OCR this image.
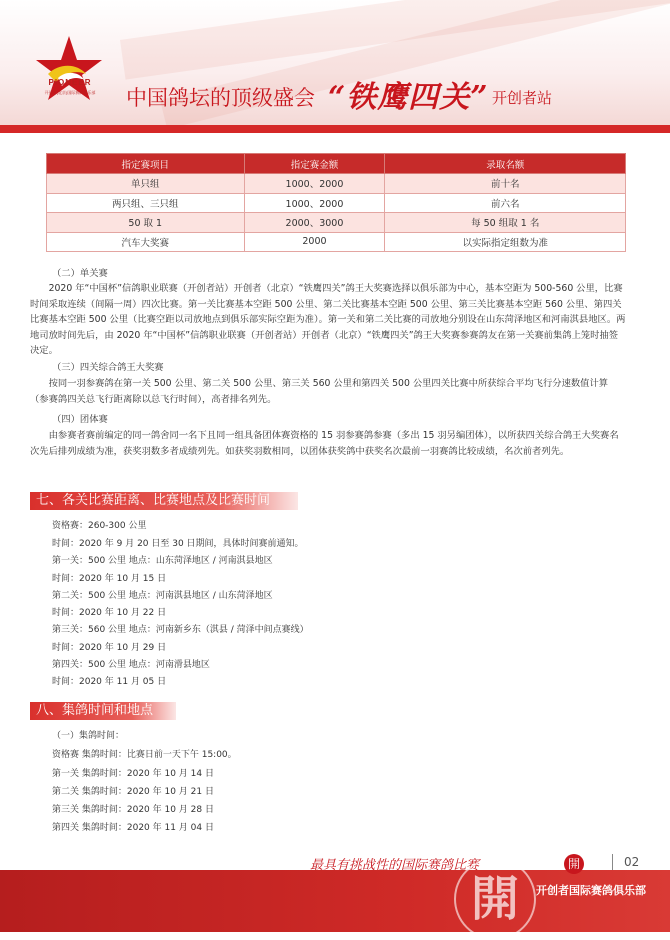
PIONEER
开创者(北京)国际赛鸽俱乐部	中国鸽坛的顶级盛会 “铁鹰四关” 开创者站
指定赛项目	指定赛金额	录取名额
单只组	1000、2000	前十名
两只组、三只组	1000、2000	前六名
50 取 1	2000、3000	每 50 组取 1 名
汽车大奖赛	2000	以实际指定组数为准
（二）单关赛
2020 年“中国杯”信鸽职业联赛（开创者站）开创者（北京）“铁鹰四关”鸽王大奖赛选择以俱乐部为中心，基本空距为 500-560 公里，比赛时间采取连续（间隔一周）四次比赛。第一关比赛基本空距 500 公里、第二关比赛基本空距 500 公里、第三关比赛基本空距 560 公里、第四关比赛基本空距 500 公里（比赛空距以司放地点到俱乐部实际空距为准）。第一关和第二关比赛的司放地分别设在山东菏泽地区和河南淇县地区。两地司放时间先后，由 2020 年“中国杯”信鸽职业联赛（开创者站）开创者（北京）“铁鹰四关”鸽王大奖赛参赛鸽友在第一关赛前集鸽上笼时抽签决定。
（三）四关综合鸽王大奖赛
按同一羽参赛鸽在第一关 500 公里、第二关 500 公里、第三关 560 公里和第四关 500 公里四关比赛中所获综合平均飞行分速数值计算（参赛鸽四关总飞行距离除以总飞行时间），高者排名列先。
（四）团体赛
由参赛者赛前编定的同一鸽舍同一名下且同一组具备团体赛资格的 15 羽参赛鸽参赛（多出 15 羽另编团体），以所获四关综合鸽王大奖赛名次先后排列成绩为准，获奖羽数多者成绩列先。如获奖羽数相同，以团体获奖鸽中获奖名次最前一羽赛鸽比较成绩，名次前者列先。
七、各关比赛距离、比赛地点及比赛时间
资格赛：260-300 公里
时间：2020 年 9 月 20 日至 30 日期间，具体时间赛前通知。
第一关：500 公里 地点：山东菏泽地区 / 河南淇县地区
时间：2020 年 10 月 15 日
第二关：500 公里 地点：河南淇县地区 / 山东菏泽地区
时间：2020 年 10 月 22 日
第三关：560 公里 地点：河南新乡东（淇县 / 菏泽中间点赛线）
时间：2020 年 10 月 29 日
第四关：500 公里 地点：河南滑县地区
时间：2020 年 11 月 05 日
八、集鸽时间和地点
（一）集鸽时间：
资格赛 集鸽时间：比赛日前一天下午 15:00。
第一关 集鸽时间：2020 年 10 月 14 日
第二关 集鸽时间：2020 年 10 月 21 日
第三关 集鸽时间：2020 年 10 月 28 日
第四关 集鸽时间：2020 年 11 月 04 日
最具有挑战性的国际赛鸽比赛	開	02
開	开创者国际赛鸽俱乐部
